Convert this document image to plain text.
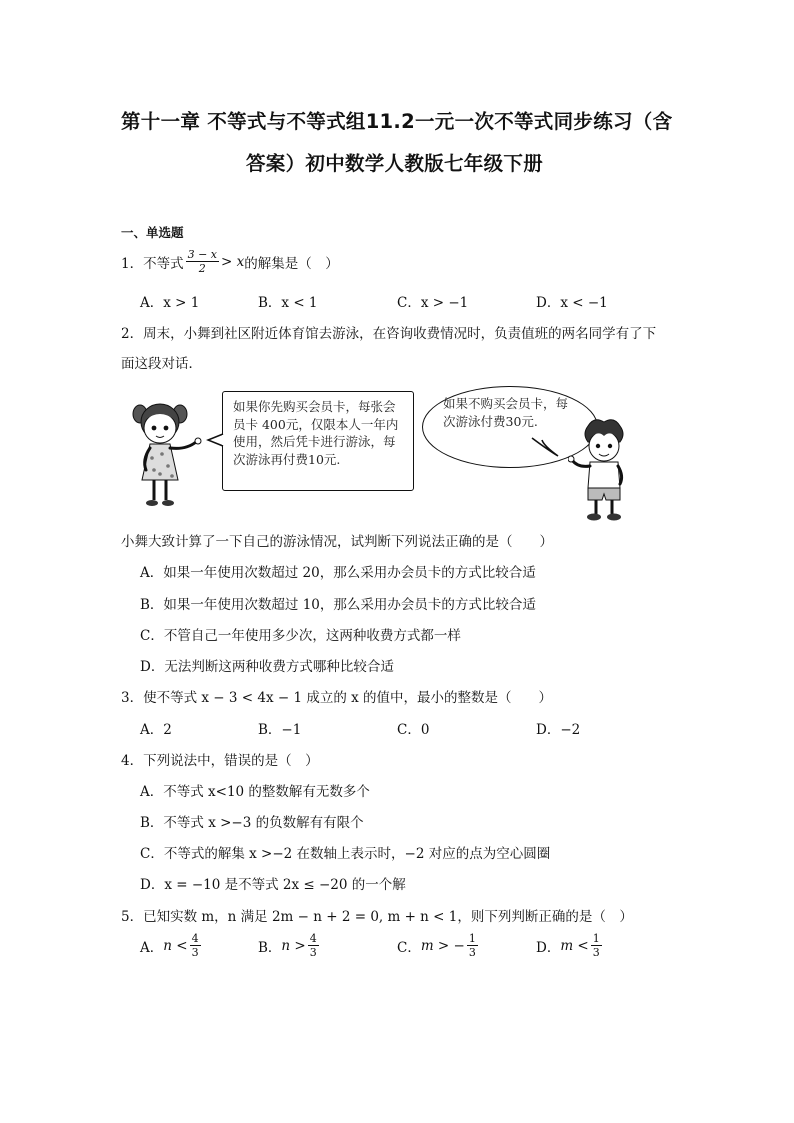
第十一章 不等式与不等式组11.2一元一次不等式同步练习（含
答案）初中数学人教版七年级下册
一、单选题
1． 不等式 $\frac{3 - x}{2} > x$ 的解集是（　）
A．x > 1	B．x < 1	C．x > −1	D．x < −1
2．周末，小舞到社区附近体育馆去游泳，在咨询收费情况时，负责值班的两名同学有了下
面这段对话．
如果你先购买会员卡，每张会员卡 400元，仅限本人一年内使用，然后凭卡进行游泳，每次游泳再付费10元.
如果不购买会员卡，每次游泳付费30元.
小舞大致计算了一下自己的游泳情况，试判断下列说法正确的是（　　）
A．如果一年使用次数超过 20，那么采用办会员卡的方式比较合适
B．如果一年使用次数超过 10，那么采用办会员卡的方式比较合适
C．不管自己一年使用多少次，这两种收费方式都一样
D．无法判断这两种收费方式哪种比较合适
3．使不等式 x − 3 < 4x − 1 成立的 x 的值中，最小的整数是（　　）
A．2	B．−1	C．0	D．−2
4．下列说法中，错误的是（　）
A．不等式 x<10 的整数解有无数多个
B．不等式 x >−3 的负数解有有限个
C．不等式的解集 x >−2 在数轴上表示时，−2 对应的点为空心圆圈
D．x = −10 是不等式 2x ≤ −20 的一个解
5．已知实数 m，n 满足 2m − n + 2 = 0, m + n < 1，则下列判断正确的是（　）
A． $n < \frac{4}{3}$	B． $n > \frac{4}{3}$	C． m > − $\frac{1}{3}$	D． $m < \frac{1}{3}$
